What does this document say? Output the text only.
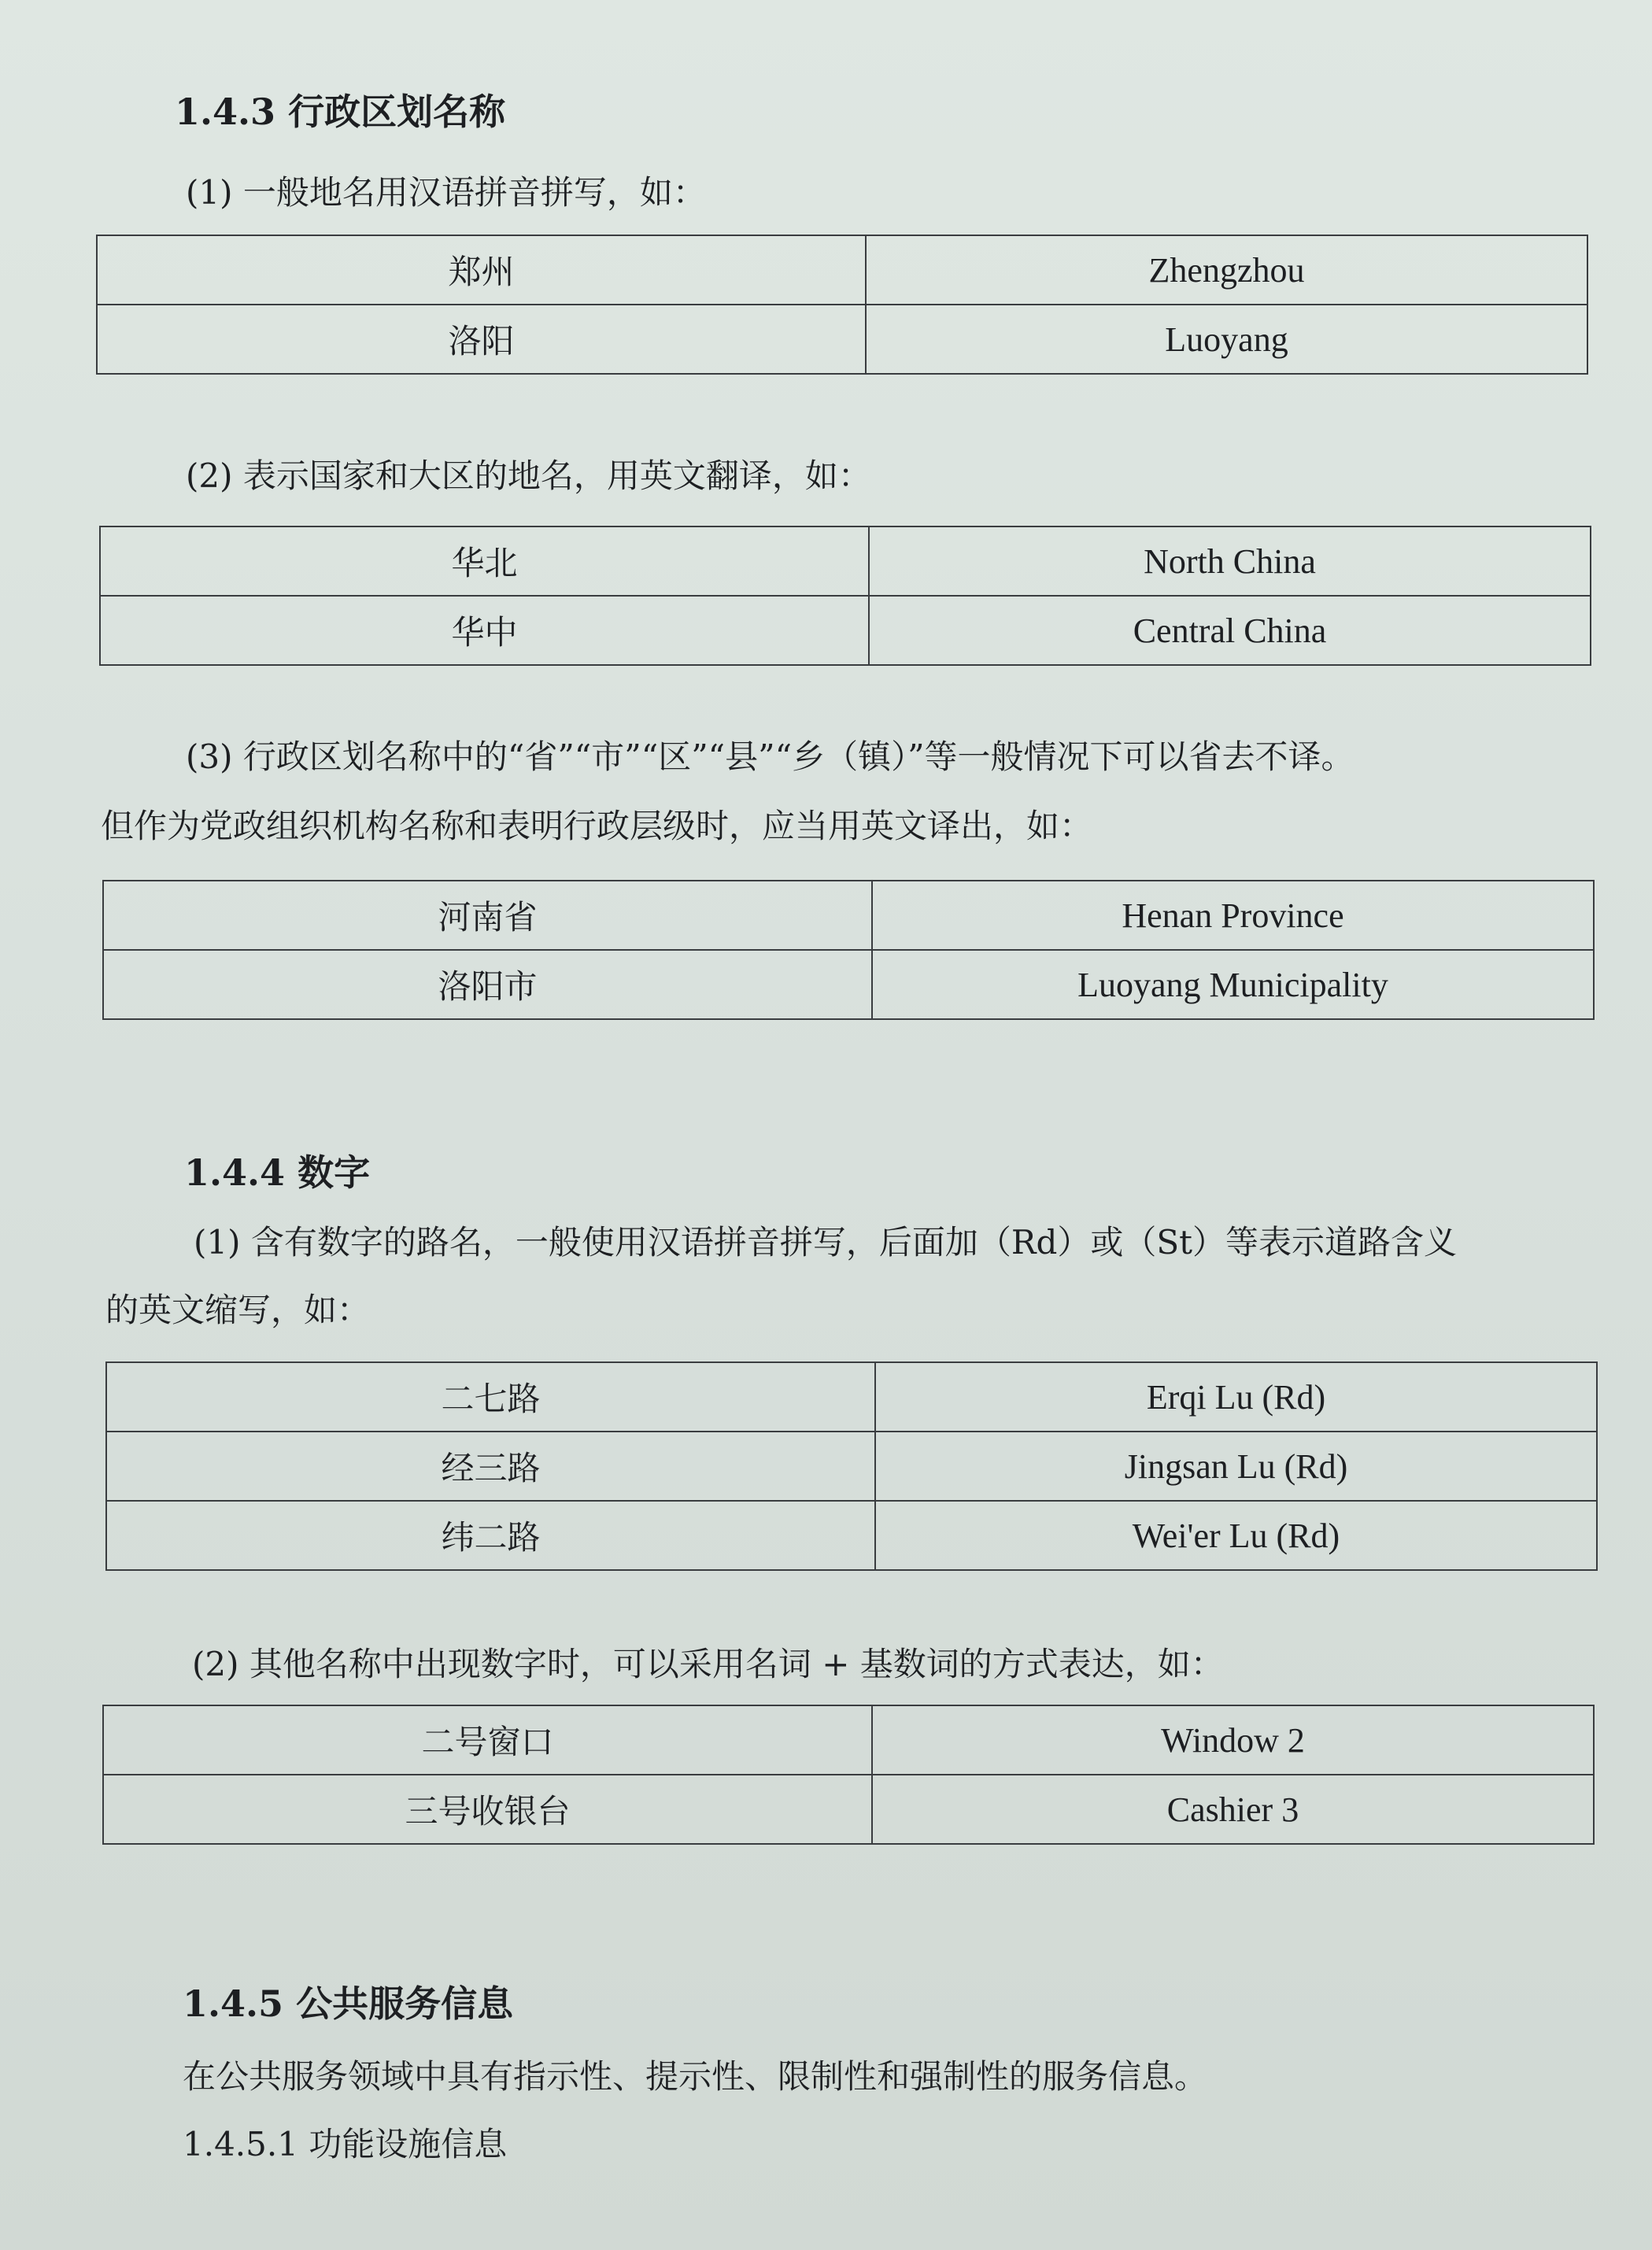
1.4.3 行政区划名称
(1) 一般地名用汉语拼音拼写，如：
郑州	Zhengzhou
洛阳	Luoyang
(2) 表示国家和大区的地名，用英文翻译，如：
华北	North China
华中	Central China
(3) 行政区划名称中的“省”“市”“区”“县”“乡（镇）”等一般情况下可以省去不译。
但作为党政组织机构名称和表明行政层级时，应当用英文译出，如：
河南省	Henan Province
洛阳市	Luoyang Municipality
1.4.4 数字
(1) 含有数字的路名，一般使用汉语拼音拼写，后面加（Rd）或（St）等表示道路含义
的英文缩写，如：
二七路	Erqi Lu (Rd)
经三路	Jingsan Lu (Rd)
纬二路	Wei'er Lu (Rd)
(2) 其他名称中出现数字时，可以采用名词 + 基数词的方式表达，如：
二号窗口	Window 2
三号收银台	Cashier 3
1.4.5 公共服务信息
在公共服务领域中具有指示性、提示性、限制性和强制性的服务信息。
1.4.5.1 功能设施信息
